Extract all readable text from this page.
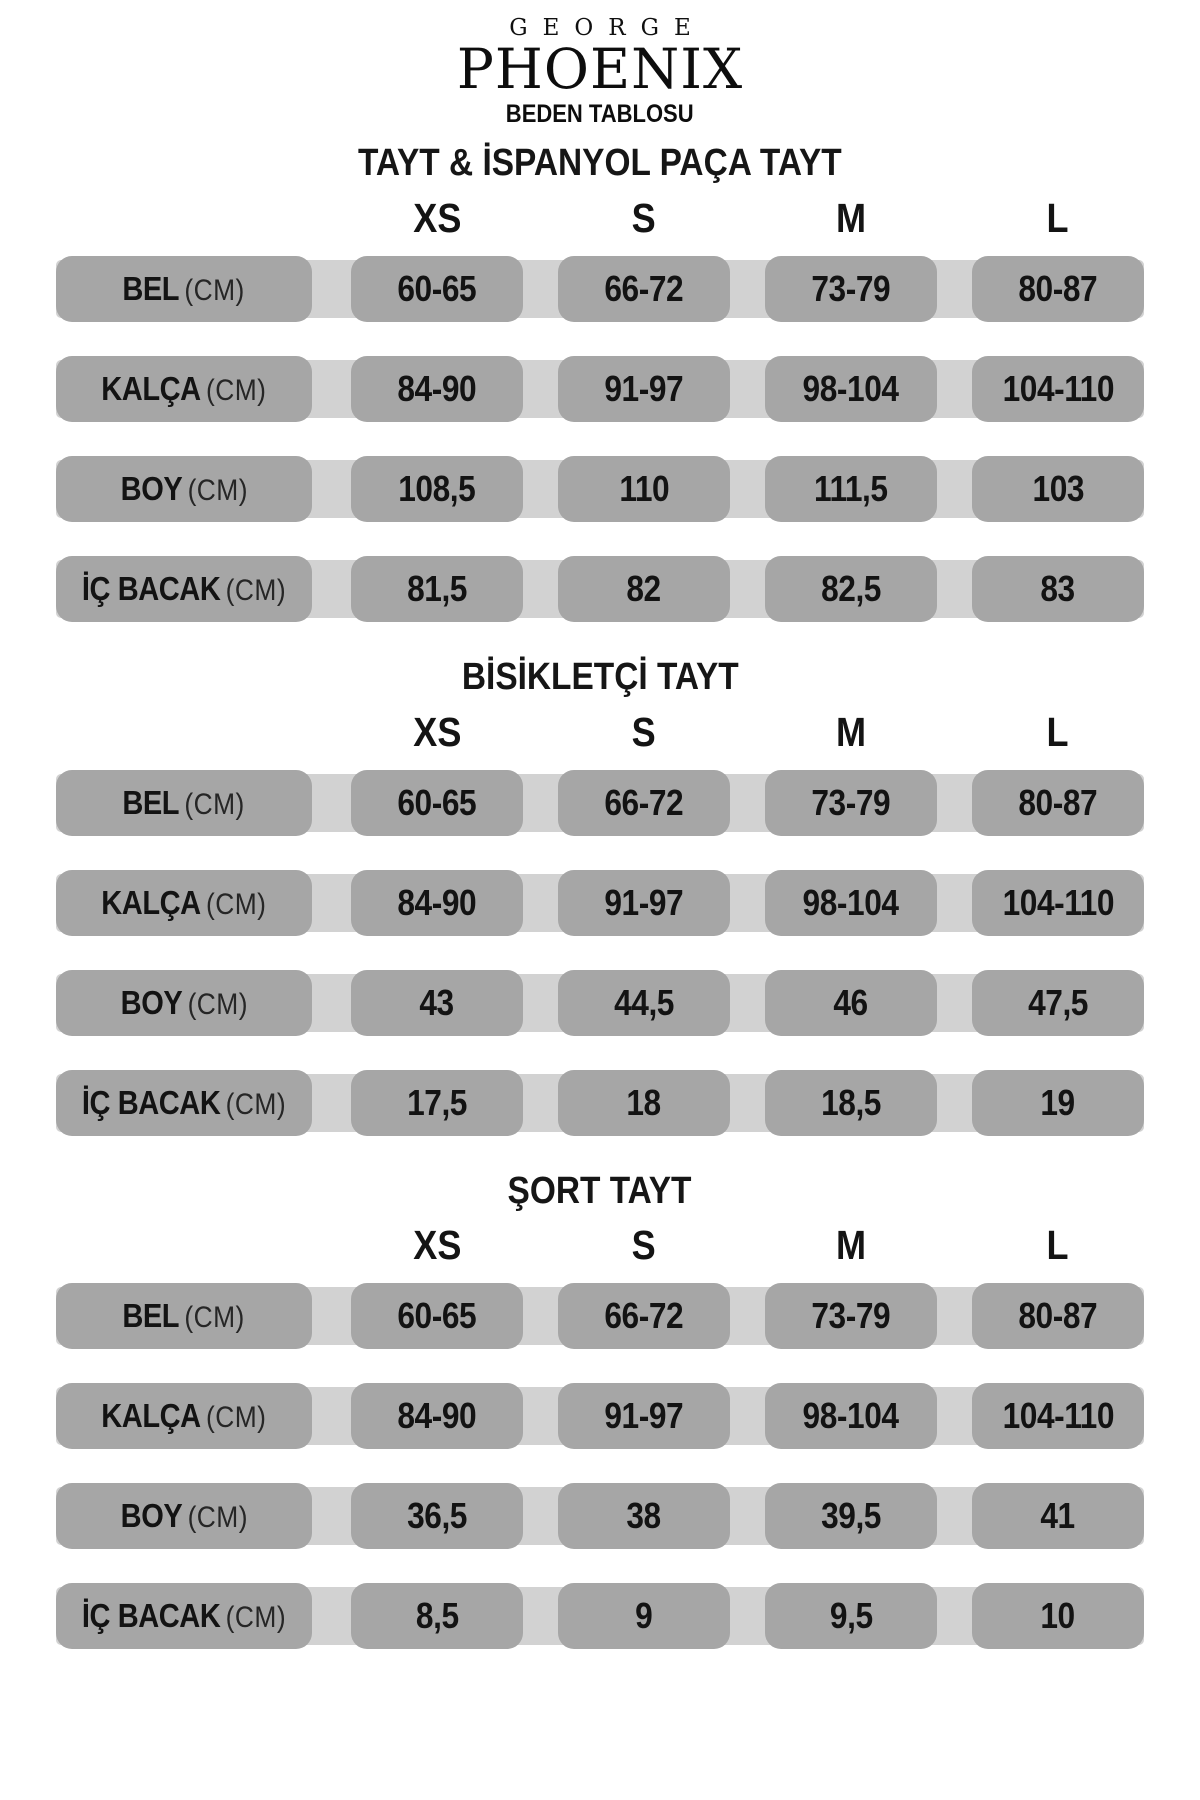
GEORGE
PHOENIX
BEDEN TABLOSU
TAYT & İSPANYOL PAÇA TAYT
XS	S	M	L
BEL (CM)	60-65	66-72	73-79	80-87
KALÇA (CM)	84-90	91-97	98-104	104-110
BOY (CM)	108,5	110	111,5	103
İÇ BACAK (CM)	81,5	82	82,5	83
BİSİKLETÇİ TAYT
XS	S	M	L
BEL (CM)	60-65	66-72	73-79	80-87
KALÇA (CM)	84-90	91-97	98-104	104-110
BOY (CM)	43	44,5	46	47,5
İÇ BACAK (CM)	17,5	18	18,5	19
ŞORT TAYT
XS	S	M	L
BEL (CM)	60-65	66-72	73-79	80-87
KALÇA (CM)	84-90	91-97	98-104	104-110
BOY (CM)	36,5	38	39,5	41
İÇ BACAK (CM)	8,5	9	9,5	10
